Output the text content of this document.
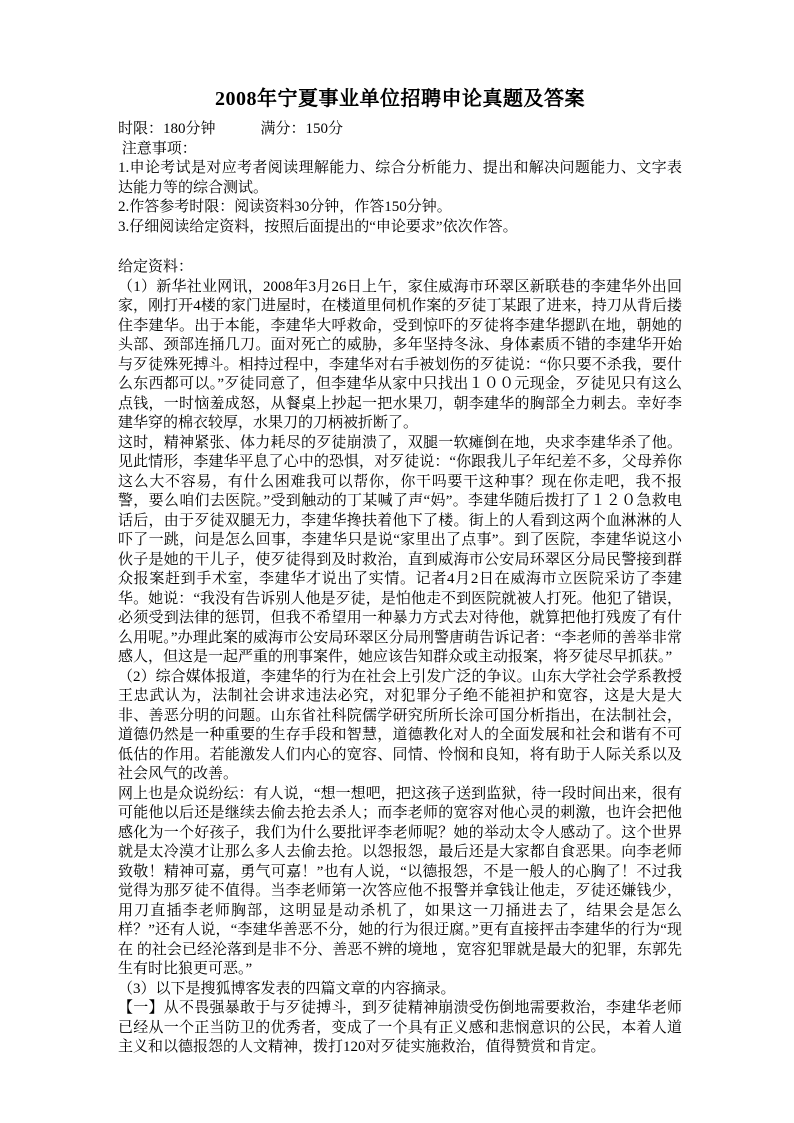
2008年宁夏事业单位招聘申论真题及答案

时限：180分钟	满分：150分

注意事项：

1.申论考试是对应考者阅读理解能力、综合分析能力、提出和解决问题能力、文字表达能力等的综合测试。

2.作答参考时限：阅读资料30分钟，作答150分钟。

3.仔细阅读给定资料，按照后面提出的“申论要求”依次作答。

给定资料：

（1）新华社业网讯，2008年3月26日上午，家住威海市环翠区新联巷的李建华外出回家，刚打开4楼的家门进屋时，在楼道里伺机作案的歹徒丁某跟了进来，持刀从背后搂住李建华。出于本能，李建华大呼救命，受到惊吓的歹徒将李建华摁趴在地，朝她的头部、颈部连捅几刀。面对死亡的威胁，多年坚持冬泳、身体素质不错的李建华开始与歹徒殊死搏斗。相持过程中，李建华对右手被划伤的歹徒说：“你只要不杀我，要什么东西都可以。”歹徒同意了，但李建华从家中只找出１００元现金，歹徒见只有这么点钱，一时恼羞成怒，从餐桌上抄起一把水果刀，朝李建华的胸部全力刺去。幸好李建华穿的棉衣较厚，水果刀的刀柄被折断了。

这时，精神紧张、体力耗尽的歹徒崩溃了，双腿一软瘫倒在地，央求李建华杀了他。见此情形，李建华平息了心中的恐惧，对歹徒说：“你跟我儿子年纪差不多，父母养你这么大不容易，有什么困难我可以帮你，你干吗要干这种事？现在你走吧，我不报警，要么咱们去医院。”受到触动的丁某喊了声“妈”。李建华随后拨打了１２０急救电话后，由于歹徒双腿无力，李建华搀扶着他下了楼。街上的人看到这两个血淋淋的人吓了一跳，问是怎么回事，李建华只是说“家里出了点事”。到了医院，李建华说这小伙子是她的干儿子，使歹徒得到及时救治，直到威海市公安局环翠区分局民警接到群众报案赶到手术室，李建华才说出了实情。记者4月2日在威海市立医院采访了李建华。她说：“我没有告诉别人他是歹徒，是怕他走不到医院就被人打死。他犯了错误，必须受到法律的惩罚，但我不希望用一种暴力方式去对待他，就算把他打残废了有什么用呢。”办理此案的威海市公安局环翠区分局刑警唐萌告诉记者：“李老师的善举非常感人，但这是一起严重的刑事案件，她应该告知群众或主动报案，将歹徒尽早抓获。”

（2）综合媒体报道，李建华的行为在社会上引发广泛的争议。山东大学社会学系教授王忠武认为，法制社会讲求违法必究，对犯罪分子绝不能袒护和宽容，这是大是大非、善恶分明的问题。山东省社科院儒学研究所所长涂可国分析指出，在法制社会，道德仍然是一种重要的生存手段和智慧，道德教化对人的全面发展和社会和谐有不可低估的作用。若能激发人们内心的宽容、同情、怜悯和良知，将有助于人际关系以及社会风气的改善。

网上也是众说纷纭：有人说，“想一想吧，把这孩子送到监狱，待一段时间出来，很有可能他以后还是继续去偷去抢去杀人；而李老师的宽容对他心灵的刺激，也许会把他感化为一个好孩子，我们为什么要批评李老师呢？她的举动太令人感动了。这个世界就是太冷漠才让那么多人去偷去抢。以怨报怨，最后还是大家都自食恶果。向李老师致敬！精神可嘉，勇气可嘉！”也有人说，“以德报怨，不是一般人的心胸了！不过我觉得为那歹徒不值得。当李老师第一次答应他不报警并拿钱让他走，歹徒还嫌钱少，用刀直插李老师胸部，这明显是动杀机了，如果这一刀捅进去了，结果会是怎么样？”还有人说，“李建华善恶不分，她的行为很迂腐。”更有直接抨击李建华的行为“现在 的社会已经沦落到是非不分、善恶不辨的境地 ，宽容犯罪就是最大的犯罪，东郭先生有时比狼更可恶。”

（3）以下是搜狐博客发表的四篇文章的内容摘录。

【一】从不畏强暴敢于与歹徒搏斗，到歹徒精神崩溃受伤倒地需要救治，李建华老师已经从一个正当防卫的优秀者，变成了一个具有正义感和悲悯意识的公民，本着人道主义和以德报怨的人文精神，拨打120对歹徒实施救治，值得赞赏和肯定。
